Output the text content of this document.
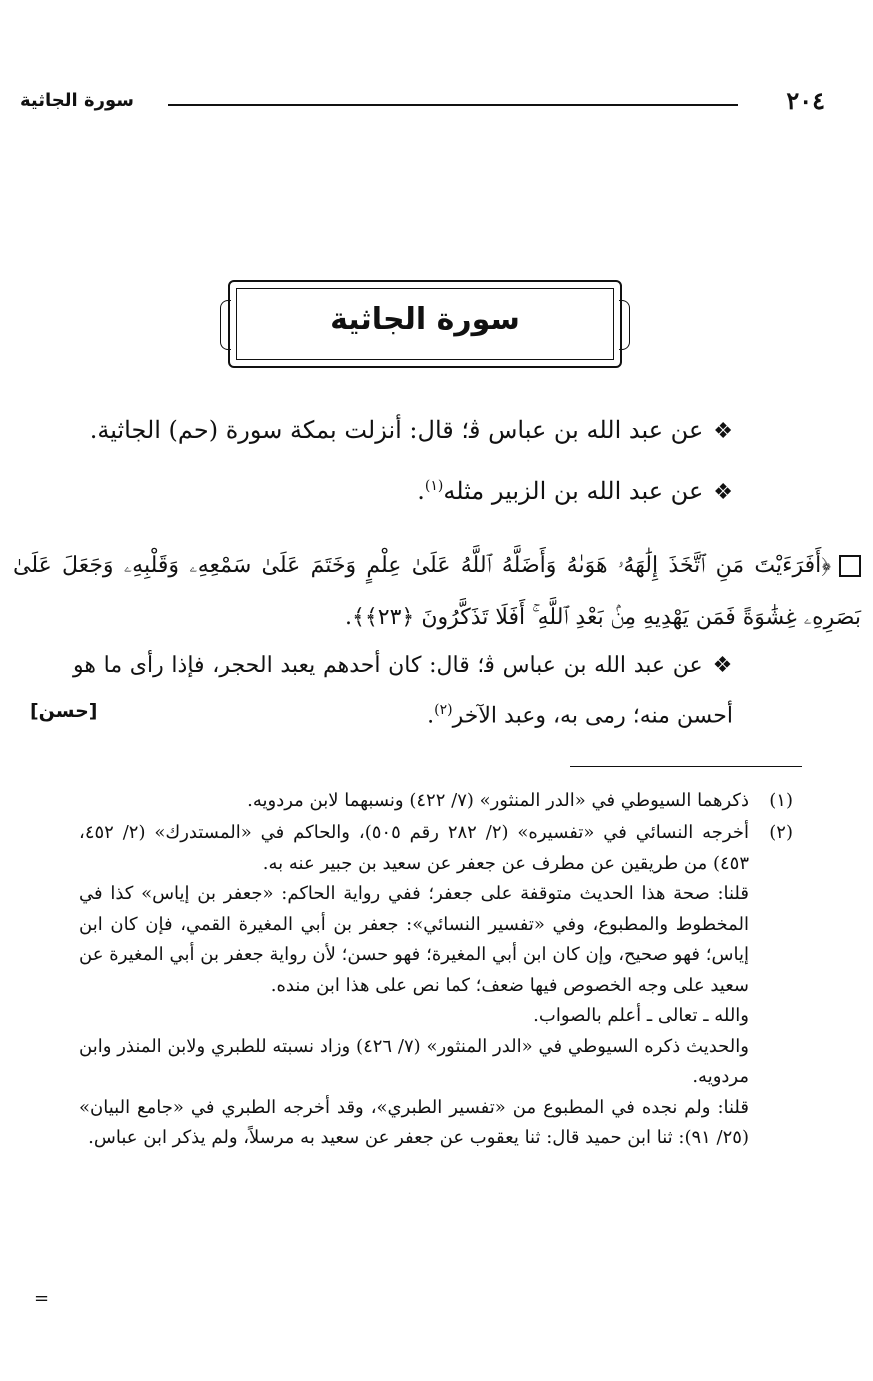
٢٠٤
سورة الجاثية
سورة الجاثية
❖عن عبد الله بن عباس ﭬ؛ قال: أنزلت بمكة سورة (حم) الجاثية.
❖عن عبد الله بن الزبير مثله$^{(١)}$.
﴿أَفَرَءَيْتَ مَنِ ٱتَّخَذَ إِلَٰهَهُۥ هَوَىٰهُ وَأَضَلَّهُ ٱللَّهُ عَلَىٰ عِلْمٍ وَخَتَمَ عَلَىٰ سَمْعِهِۦ وَقَلْبِهِۦ وَجَعَلَ عَلَىٰ بَصَرِهِۦ غِشَٰوَةً فَمَن يَهْدِيهِ مِنۢ بَعْدِ ٱللَّهِ ۚ أَفَلَا تَذَكَّرُونَ ﴿٢٣﴾﴾.
❖عن عبد الله بن عباس ﭬ؛ قال: كان أحدهم يعبد الحجر، فإذا رأى ما هو أحسن منه؛ رمى به، وعبد الآخر$^{(٢)}$.
[حسن]
(١)
ذكرهما السيوطي في «الدر المنثور» (٧/ ٤٢٢) ونسبهما لابن مردويه.
(٢)
أخرجه النسائي في «تفسيره» (٢/ ٢٨٢ رقم ٥٠٥)، والحاكم في «المستدرك» (٢/ ٤٥٢، ٤٥٣) من طريقين عن مطرف عن جعفر عن سعيد بن جبير عنه به.
قلنا: صحة هذا الحديث متوقفة على جعفر؛ ففي رواية الحاكم: «جعفر بن إياس» كذا في المخطوط والمطبوع، وفي «تفسير النسائي»: جعفر بن أبي المغيرة القمي، فإن كان ابن إياس؛ فهو صحيح، وإن كان ابن أبي المغيرة؛ فهو حسن؛ لأن رواية جعفر بن أبي المغيرة عن سعيد على وجه الخصوص فيها ضعف؛ كما نص على هذا ابن منده.
والله ـ تعالى ـ أعلم بالصواب.
والحديث ذكره السيوطي في «الدر المنثور» (٧/ ٤٢٦) وزاد نسبته للطبري ولابن المنذر وابن مردويه.
قلنا: ولم نجده في المطبوع من «تفسير الطبري»، وقد أخرجه الطبري في «جامع البيان» (٢٥/ ٩١): ثنا ابن حميد قال: ثنا يعقوب عن جعفر عن سعيد به مرسلاً، ولم يذكر ابن عباس.
=
